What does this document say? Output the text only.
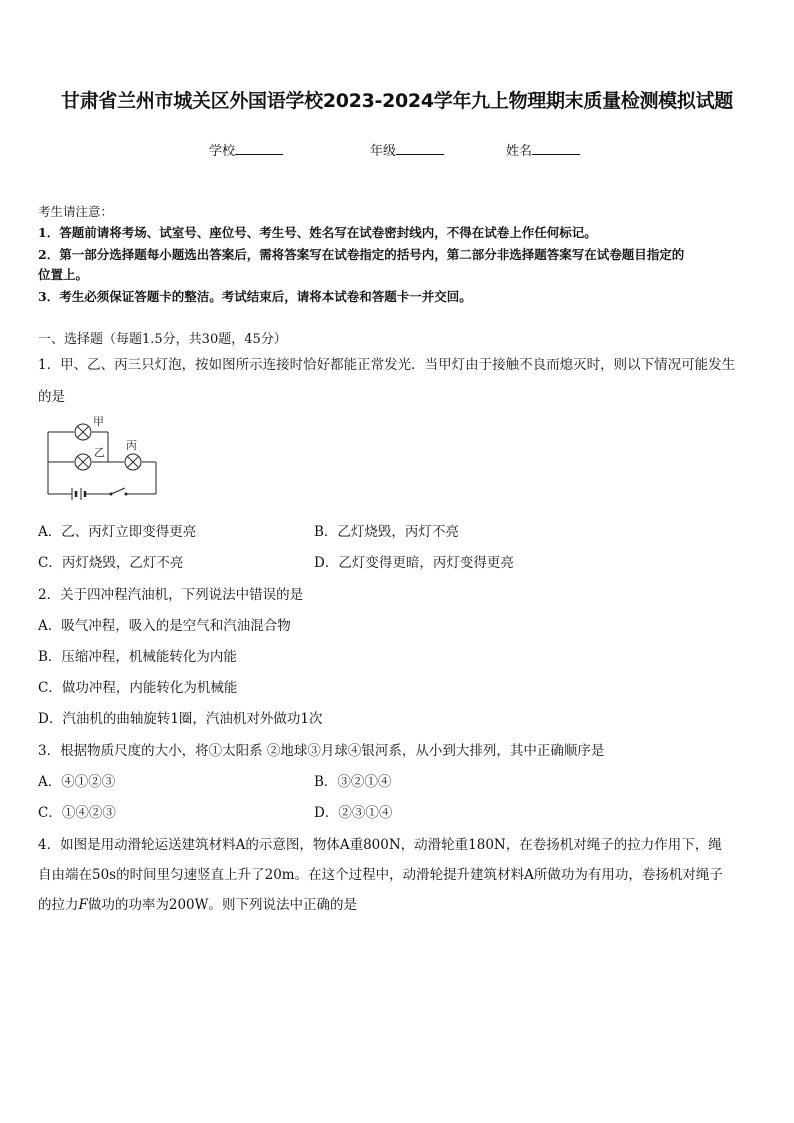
甘肃省兰州市城关区外国语学校2023-2024学年九上物理期末质量检测模拟试题
学校	年级	姓名
考生请注意：
1．答题前请将考场、试室号、座位号、考生号、姓名写在试卷密封线内，不得在试卷上作任何标记。
2．第一部分选择题每小题选出答案后，需将答案写在试卷指定的括号内，第二部分非选择题答案写在试卷题目指定的
位置上。
3．考生必须保证答题卡的整洁。考试结束后，请将本试卷和答题卡一并交回。
一、选择题（每题1.5分，共30题，45分）
1．甲、乙、丙三只灯泡，按如图所示连接时恰好都能正常发光．当甲灯由于接触不良而熄灭时，则以下情况可能发生
的是
甲
乙
丙
A．乙、丙灯立即变得更亮	B．乙灯烧毁，丙灯不亮
C．丙灯烧毁，乙灯不亮	D．乙灯变得更暗，丙灯变得更亮
2．关于四冲程汽油机，下列说法中错误的是
A．吸气冲程，吸入的是空气和汽油混合物
B．压缩冲程，机械能转化为内能
C．做功冲程，内能转化为机械能
D．汽油机的曲轴旋转1圈，汽油机对外做功1次
3．根据物质尺度的大小，将①太阳系 ②地球③月球④银河系，从小到大排列，其中正确顺序是
A．④①②③	B．③②①④
C．①④②③	D．②③①④
4．如图是用动滑轮运送建筑材料A的示意图，物体A重800N，动滑轮重180N，在卷扬机对绳子的拉力作用下，绳
自由端在50s的时间里匀速竖直上升了20m。在这个过程中，动滑轮提升建筑材料A所做功为有用功，卷扬机对绳子
的拉力F做功的功率为200W。则下列说法中正确的是
